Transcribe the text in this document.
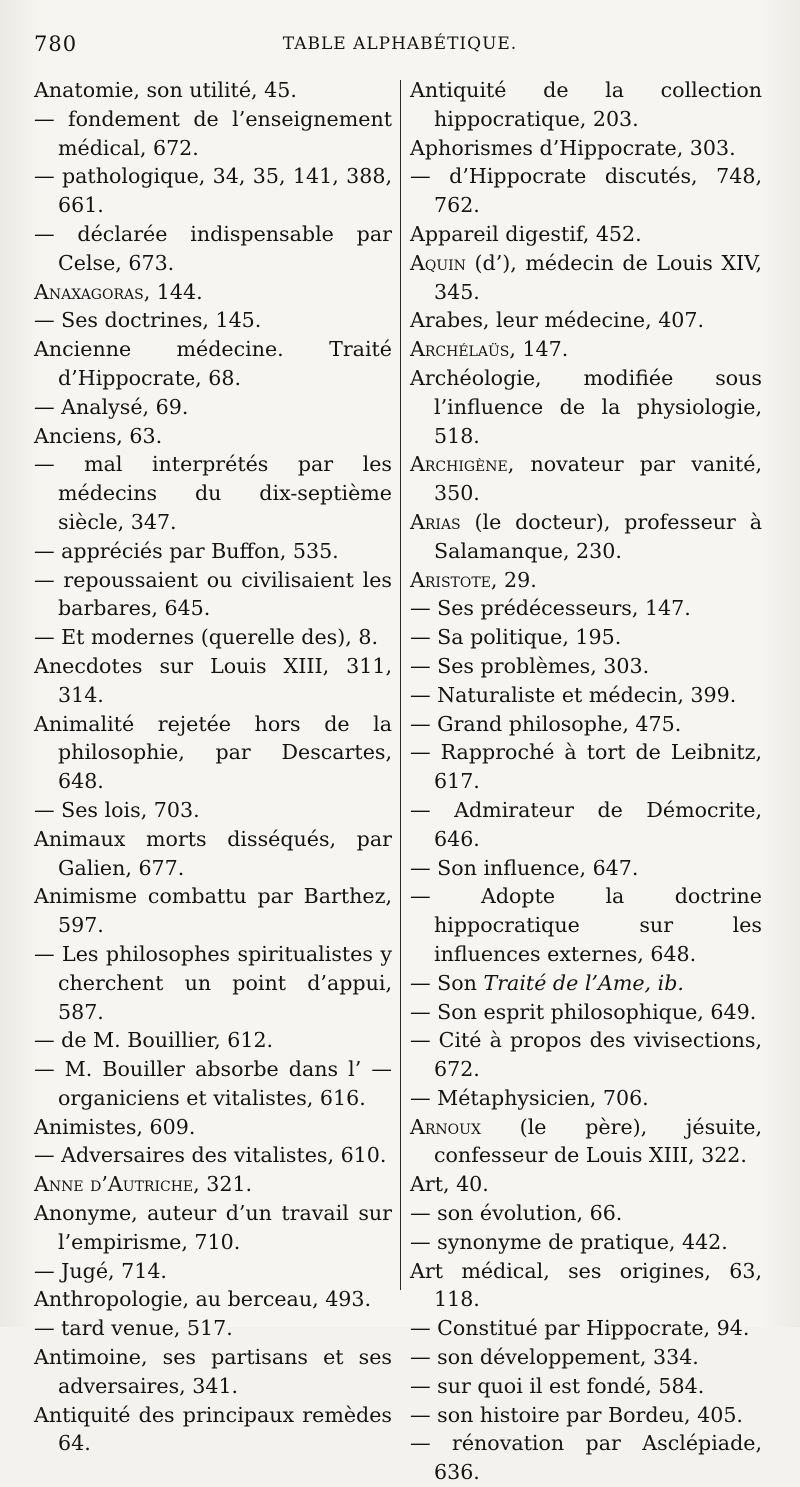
780	TABLE ALPHABÉTIQUE.

Anatomie, son utilité, 45.

— fondement de l’enseignement médical, 672.

— pathologique, 34, 35, 141, 388, 661.

— déclarée indispensable par Celse, 673.

Anaxagoras, 144.

— Ses doctrines, 145.

Ancienne médecine. Traité d’Hippocrate, 68.

— Analysé, 69.

Anciens, 63.

— mal interprétés par les médecins du dix-septième siècle, 347.

— appréciés par Buffon, 535.

— repoussaient ou civilisaient les barbares, 645.

— Et modernes (querelle des), 8.

Anecdotes sur Louis XIII, 311, 314.

Animalité rejetée hors de la philosophie, par Descartes, 648.

— Ses lois, 703.

Animaux morts disséqués, par Galien, 677.

Animisme combattu par Barthez, 597.

— Les philosophes spiritualistes y cherchent un point d’appui, 587.

— de M. Bouillier, 612.

— M. Bouiller absorbe dans l’ — organiciens et vitalistes, 616.

Animistes, 609.

— Adversaires des vitalistes, 610.

Anne d’Autriche, 321.

Anonyme, auteur d’un travail sur l’empirisme, 710.

— Jugé, 714.

Anthropologie, au berceau, 493.

— tard venue, 517.

Antimoine, ses partisans et ses adversaires, 341.

Antiquité des principaux remèdes 64.

Antiquité de la collection hippocratique, 203.

Aphorismes d’Hippocrate, 303.

— d’Hippocrate discutés, 748, 762.

Appareil digestif, 452.

Aquin (d’), médecin de Louis XIV, 345.

Arabes, leur médecine, 407.

Archélaüs, 147.

Archéologie, modifiée sous l’influence de la physiologie, 518.

Archigène, novateur par vanité, 350.

Arias (le docteur), professeur à Salamanque, 230.

Aristote, 29.

— Ses prédécesseurs, 147.

— Sa politique, 195.

— Ses problèmes, 303.

— Naturaliste et médecin, 399.

— Grand philosophe, 475.

— Rapproché à tort de Leibnitz, 617.

— Admirateur de Démocrite, 646.

— Son influence, 647.

— Adopte la doctrine hippocratique sur les influences externes, 648.

— Son Traité de l’Ame, ib.

— Son esprit philosophique, 649.

— Cité à propos des vivisections, 672.

— Métaphysicien, 706.

Arnoux (le père), jésuite, confesseur de Louis XIII, 322.

Art, 40.

— son évolution, 66.

— synonyme de pratique, 442.

Art médical, ses origines, 63, 118.

— Constitué par Hippocrate, 94.

— son développement, 334.

— sur quoi il est fondé, 584.

— son histoire par Bordeu, 405.

— rénovation par Asclépiade, 636.
